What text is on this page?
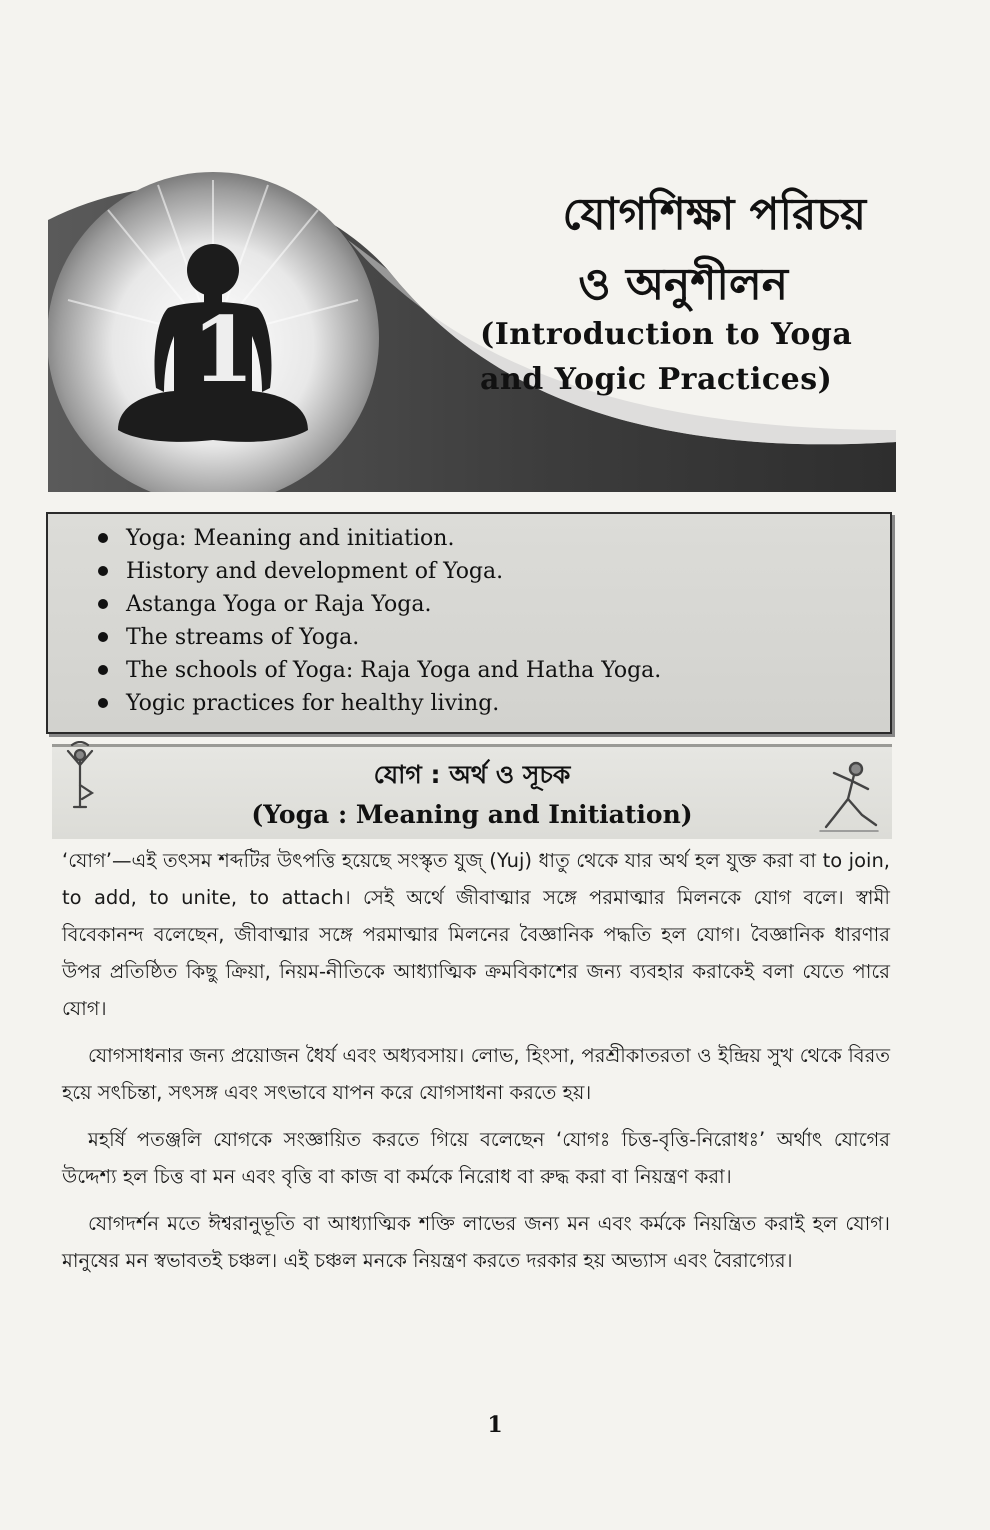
1
যোগশিক্ষা পরিচয়

ও অনুশীলন
(Introduction to Yoga
and Yogic Practices)
Yoga: Meaning and initiation.
History and development of Yoga.
Astanga Yoga or Raja Yoga.
The streams of Yoga.
The schools of Yoga: Raja Yoga and Hatha Yoga.
Yogic practices for healthy living.
যোগ : অর্থ ও সূচক
(Yoga : Meaning and Initiation)

‘যোগ’—এই তৎসম শব্দটির উৎপত্তি হয়েছে সংস্কৃত যুজ্ (Yuj) ধাতু থেকে যার অর্থ হল যুক্ত করা বা to join, to add, to unite, to attach। সেই অর্থে জীবাত্মার সঙ্গে পরমাত্মার মিলনকে যোগ বলে। স্বামী বিবেকানন্দ বলেছেন, জীবাত্মার সঙ্গে পরমাত্মার মিলনের বৈজ্ঞানিক পদ্ধতি হল যোগ। বৈজ্ঞানিক ধারণার উপর প্রতিষ্ঠিত কিছু ক্রিয়া, নিয়ম-নীতিকে আধ্যাত্মিক ক্রমবিকাশের জন্য ব্যবহার করাকেই বলা যেতে পারে যোগ।

যোগসাধনার জন্য প্রয়োজন ধৈর্য এবং অধ্যবসায়। লোভ, হিংসা, পরশ্রীকাতরতা ও ইন্দ্রিয় সুখ থেকে বিরত হয়ে সৎচিন্তা, সৎসঙ্গ এবং সৎভাবে যাপন করে যোগসাধনা করতে হয়।

মহর্ষি পতঞ্জলি যোগকে সংজ্ঞায়িত করতে গিয়ে বলেছেন ‘যোগঃ চিত্ত-বৃত্তি-নিরোধঃ’ অর্থাৎ যোগের উদ্দেশ্য হল চিত্ত বা মন এবং বৃত্তি বা কাজ বা কর্মকে নিরোধ বা রুদ্ধ করা বা নিয়ন্ত্রণ করা।

যোগদর্শন মতে ঈশ্বরানুভূতি বা আধ্যাত্মিক শক্তি লাভের জন্য মন এবং কর্মকে নিয়ন্ত্রিত করাই হল যোগ। মানুষের মন স্বভাবতই চঞ্চল। এই চঞ্চল মনকে নিয়ন্ত্রণ করতে দরকার হয় অভ্যাস এবং বৈরাগ্যের।

1
